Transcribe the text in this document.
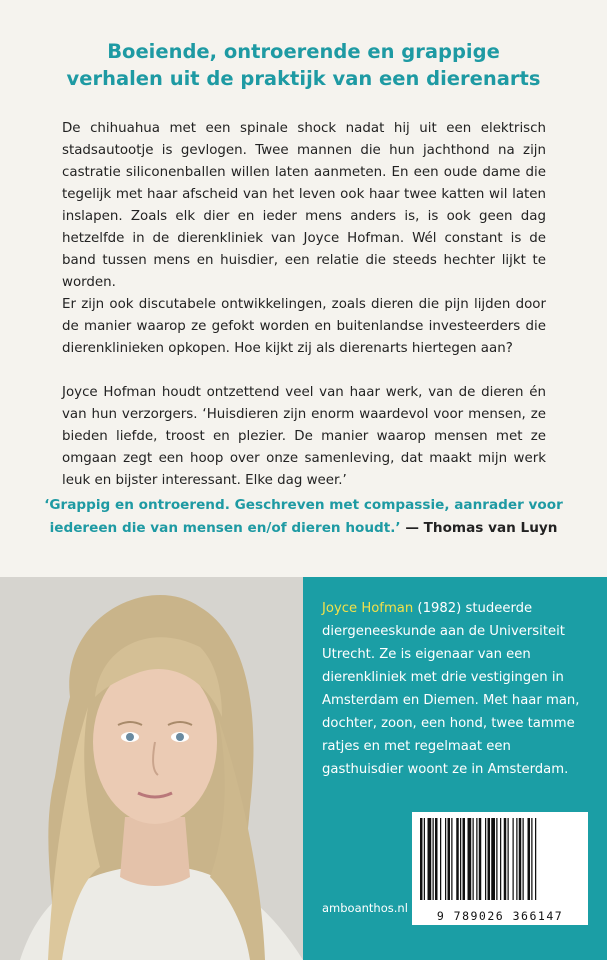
Boeiende, ontroerende en grappige
verhalen uit de praktijk van een dierenarts

De chihuahua met een spinale shock nadat hij uit een elektrisch stadsautootje is gevlogen. Twee mannen die hun jachthond na zijn castratie siliconenballen willen laten aanmeten. En een oude dame die tegelijk met haar afscheid van het leven ook haar twee katten wil laten inslapen. Zoals elk dier en ieder mens anders is, is ook geen dag hetzelfde in de dierenkliniek van Joyce Hofman. Wél constant is de band tussen mens en huisdier, een relatie die steeds hechter lijkt te worden.

Er zijn ook discutabele ontwikkelingen, zoals dieren die pijn lijden door de manier waarop ze gefokt worden en buitenlandse investeerders die dierenklinieken opkopen. Hoe kijkt zij als dierenarts hiertegen aan?

Joyce Hofman houdt ontzettend veel van haar werk, van de dieren én van hun verzorgers. ‘Huisdieren zijn enorm waardevol voor mensen, ze bieden liefde, troost en plezier. De manier waarop mensen met ze omgaan zegt een hoop over onze samenleving, dat maakt mijn werk leuk en bijster interessant. Elke dag weer.’

‘Grappig en ontroerend. Geschreven met compassie, aanrader voor iedereen die van mensen en/of dieren houdt.’ — Thomas van Luyn
Joyce Hofman (1982) studeerde diergeneeskunde aan de Universiteit Utrecht. Ze is eigenaar van een dierenkliniek met drie vestigingen in Amsterdam en Diemen. Met haar man, dochter, zoon, een hond, twee tamme ratjes en met regelmaat een gasthuisdier woont ze in Amsterdam.
amboanthos.nl
9 789026 366147
